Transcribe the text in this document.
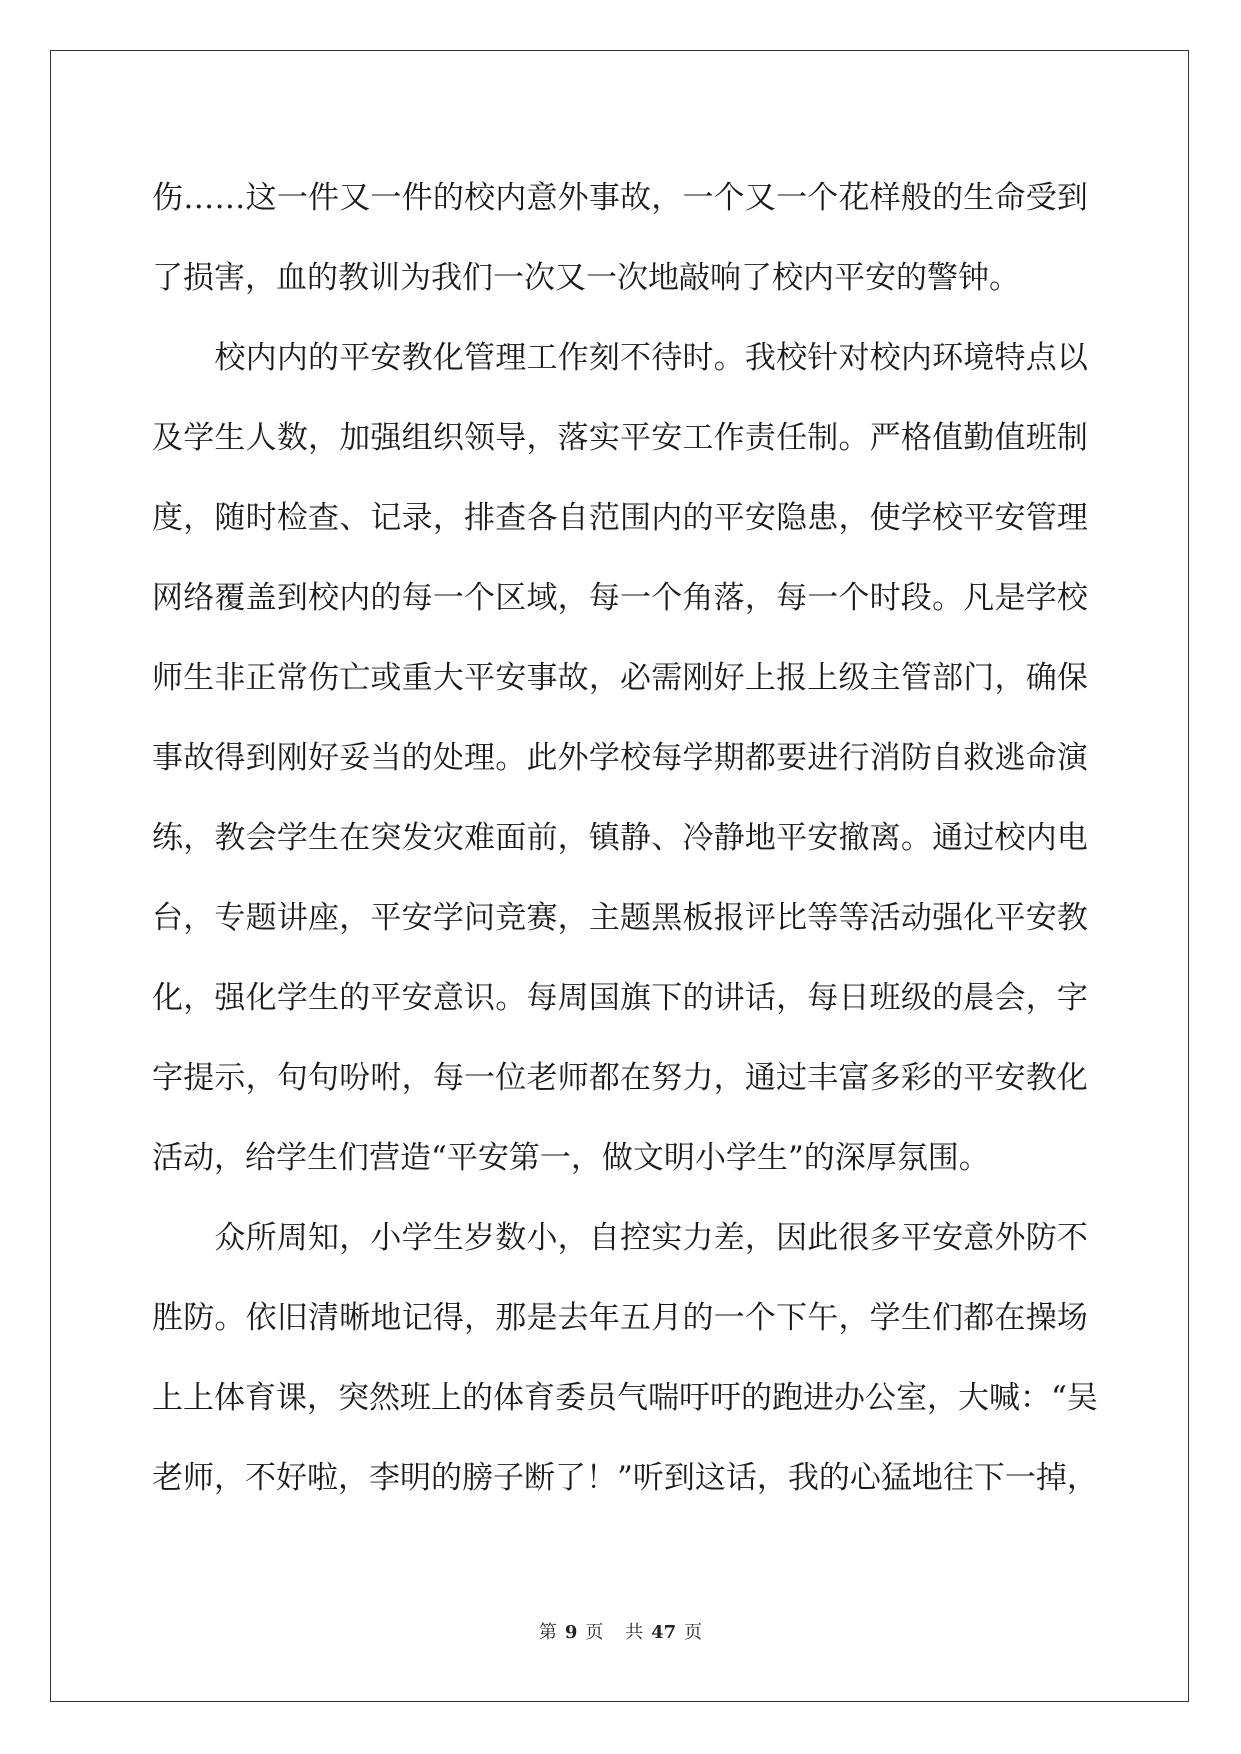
伤 … … 这 一 件 又 一 件 的 校 内 意 外 事 故 ， 一 个 又 一 个 花 样 般 的 生 命 受 到
了损害，血的教训为我们一次又一次地敲响了校内平安的警钟。

校 内 内 的 平 安 教 化 管 理 工 作 刻 不 待 时 。 我 校 针 对 校 内 环 境 特 点 以
及 学 生 人 数 ， 加 强 组 织 领 导 ， 落 实 平 安 工 作 责 任 制 。 严 格 值 勤 值 班 制
度 ， 随 时 检 查 、 记 录 ， 排 查 各 自 范 围 内 的 平 安 隐 患 ， 使 学 校 平 安 管 理
网 络 覆 盖 到 校 内 的 每 一 个 区 域 ， 每 一 个 角 落 ， 每 一 个 时 段 。 凡 是 学 校
师 生 非 正 常 伤 亡 或 重 大 平 安 事 故 ， 必 需 刚 好 上 报 上 级 主 管 部 门 ， 确 保
事 故 得 到 刚 好 妥 当 的 处 理 。 此 外 学 校 每 学 期 都 要 进 行 消 防 自 救 逃 命 演
练 ， 教 会 学 生 在 突 发 灾 难 面 前 ， 镇 静 、 冷 静 地 平 安 撤 离 。 通 过 校 内 电
台 ， 专 题 讲 座 ， 平 安 学 问 竞 赛 ， 主 题 黑 板 报 评 比 等 等 活 动 强 化 平 安 教
化 ， 强 化 学 生 的 平 安 意 识 。 每 周 国 旗 下 的 讲 话 ， 每 日 班 级 的 晨 会 ， 字
字 提 示 ， 句 句 吩 咐 ， 每 一 位 老 师 都 在 努 力 ， 通 过 丰 富 多 彩 的 平 安 教 化
活动，给学生们营造“平安第一，做文明小学生”的深厚氛围。

众 所 周 知 ， 小 学 生 岁 数 小 ， 自 控 实 力 差 ， 因 此 很 多 平 安 意 外 防 不
胜 防 。 依 旧 清 晰 地 记 得 ， 那 是 去 年 五 月 的 一 个 下 午 ， 学 生 们 都 在 操 场
上 上 体 育 课 ， 突 然 班 上 的 体 育 委 员 气 喘 吁 吁 的 跑 进 办 公 室 ， 大 喊 ： “ 吴
老 师 ， 不 好 啦 ， 李 明 的 膀 子 断 了 ！ ” 听 到 这 话 ， 我 的 心 猛 地 往 下 一 掉 ，
第 9 页 共 47 页
